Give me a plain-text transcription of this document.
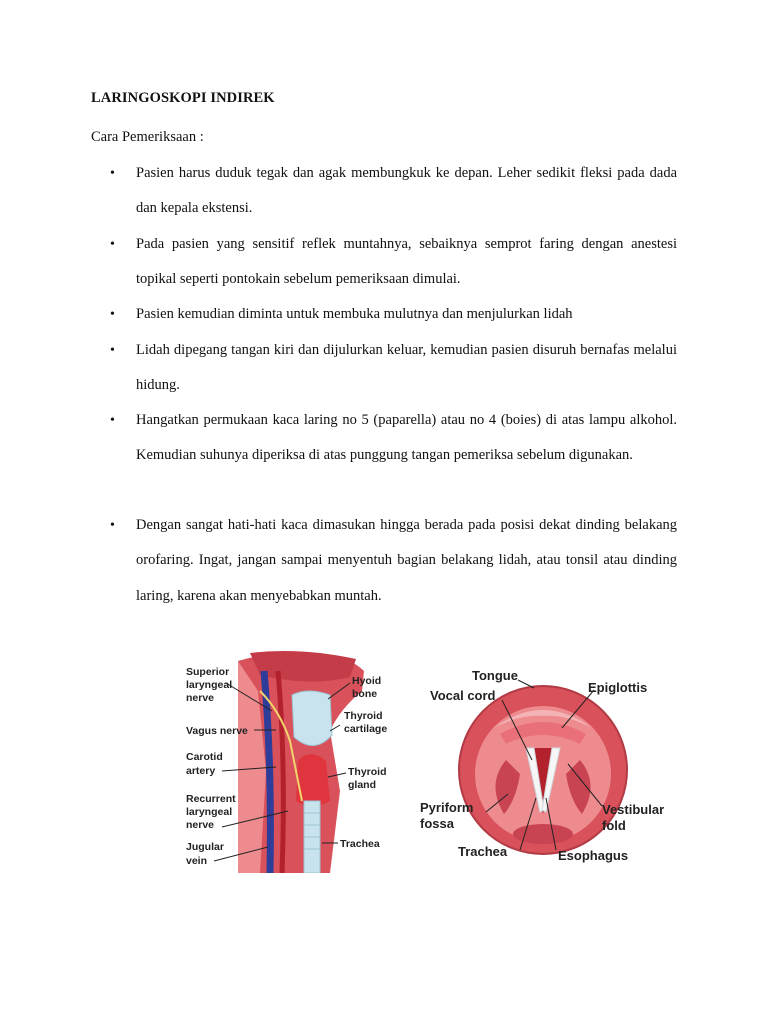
LARINGOSKOPI INDIREK
Cara Pemeriksaan :
• Pasien harus duduk tegak dan agak membungkuk ke depan. Leher sedikit fleksi pada dada dan kepala ekstensi.
• Pada pasien yang sensitif reflek muntahnya, sebaiknya semprot faring dengan anestesi topikal seperti pontokain sebelum pemeriksaan dimulai.
• Pasien kemudian diminta untuk membuka mulutnya dan menjulurkan lidah
• Lidah dipegang tangan kiri dan dijulurkan keluar, kemudian pasien disuruh bernafas melalui hidung.
• Hangatkan permukaan kaca laring no 5 (paparella) atau no 4 (boies) di atas lampu alkohol. Kemudian suhunya diperiksa di atas punggung tangan pemeriksa sebelum digunakan.
• Dengan sangat hati-hati kaca dimasukan hingga berada pada posisi dekat dinding belakang orofaring. Ingat, jangan sampai menyentuh bagian belakang lidah, atau tonsil atau dinding laring, karena akan menyebabkan muntah.
Superior
laryngeal
nerve
Vagus nerve
Carotid
artery
Recurrent
laryngeal
nerve
Jugular
vein
Hyoid
bone
Thyroid
cartilage
Thyroid
gland
Trachea
Tongue
Vocal cord
Epiglottis
Pyriform
fossa
Vestibular
fold
Trachea	Esophagus
